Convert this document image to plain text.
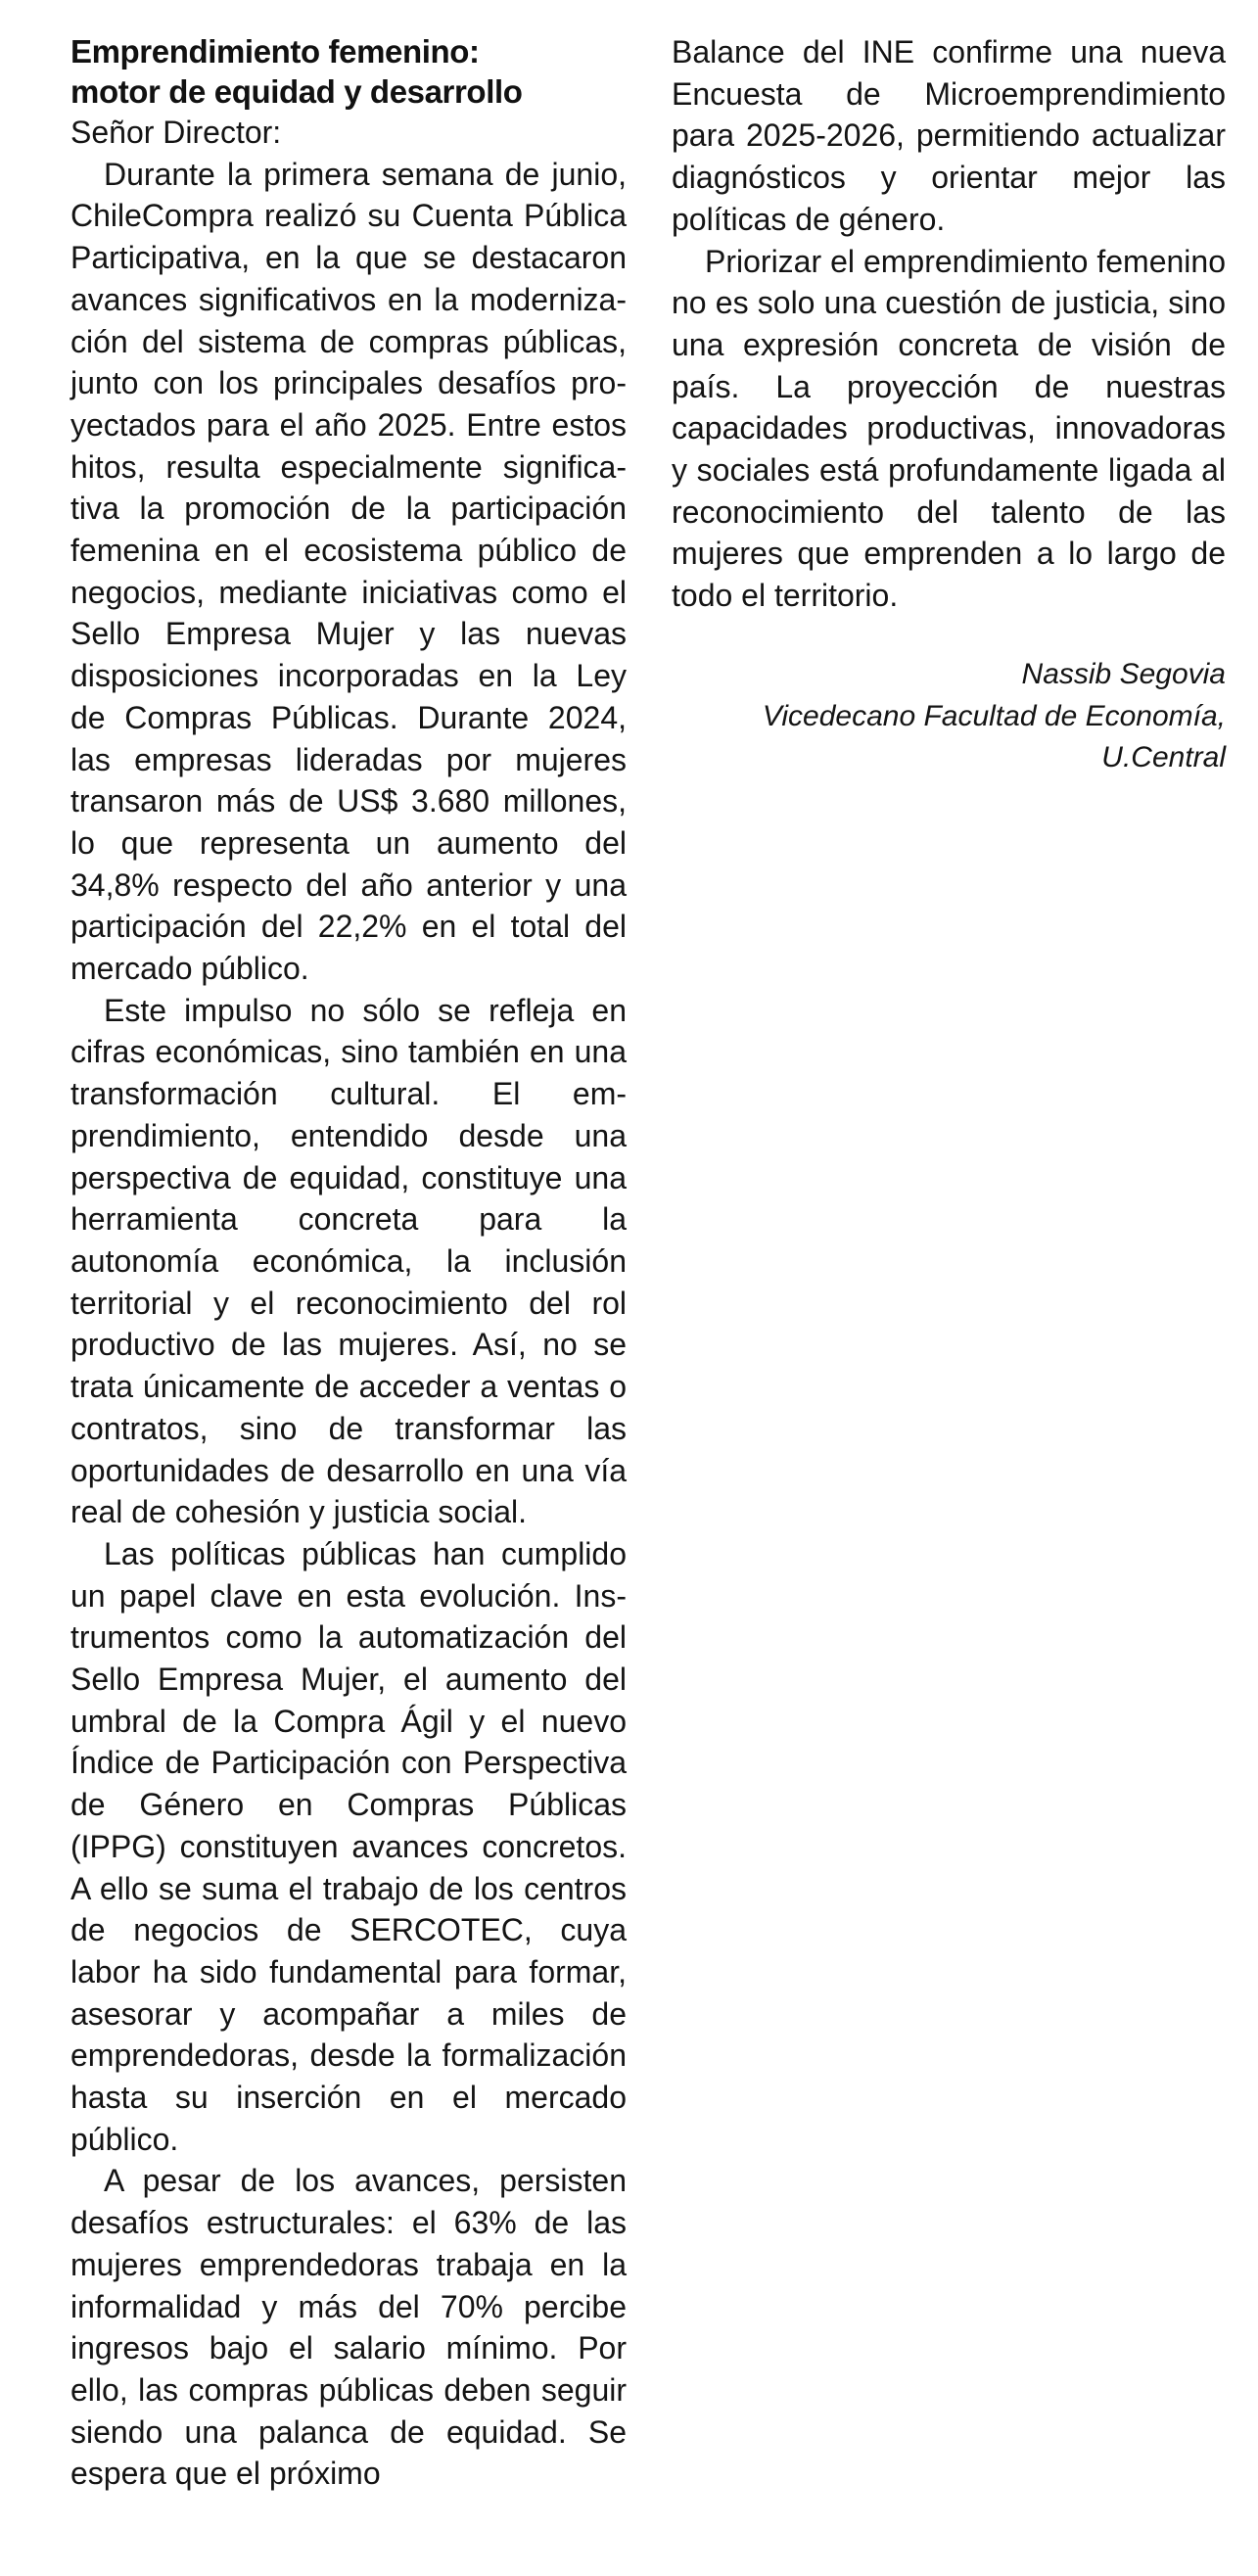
Emprendimiento femenino:
motor de equidad y desarrollo

Señor Director:

Durante la primera semana de junio, ChileCompra realizó su Cuenta Pública Participativa, en la que se destacaron avances significativos en la modernización del sistema de compras públicas, junto con los principales desafíos proyectados para el año 2025. Entre estos hitos, resulta especialmente significativa la promoción de la participación femenina en el ecosistema público de negocios, mediante iniciativas como el Sello Empresa Mujer y las nuevas disposiciones incorporadas en la Ley de Compras Públicas. Durante 2024, las empresas lideradas por mujeres transaron más de US$ 3.680 millones, lo que representa un aumento del 34,8% respecto del año anterior y una participación del 22,2% en el total del mercado público.

Este impulso no sólo se refleja en cifras económicas, sino también en una transformación cultural. El emprendimiento, entendido desde una perspectiva de equidad, constituye una herramienta concreta para la autonomía económica, la inclusión territorial y el reconocimiento del rol productivo de las mujeres. Así, no se trata únicamente de acceder a ventas o contratos, sino de transformar las oportunidades de desarrollo en una vía real de cohesión y justicia social.

Las políticas públicas han cumplido un papel clave en esta evolución. Instrumentos como la automatización del Sello Empresa Mujer, el aumento del umbral de la Compra Ágil y el nuevo Índice de Participación con Perspectiva de Género en Compras Públicas (IPPG) constituyen avances concretos. A ello se suma el trabajo de los centros de negocios de SERCOTEC, cuya labor ha sido fundamental para formar, asesorar y acompañar a miles de emprendedoras, desde la formalización hasta su inserción en el mercado público.

A pesar de los avances, persisten desafíos estructurales: el 63% de las mujeres emprendedoras trabaja en la informalidad y más del 70% percibe ingresos bajo el salario mínimo. Por ello, las compras públicas deben seguir siendo una palanca de equidad. Se espera que el próximo

Balance del INE confirme una nueva Encuesta de Microemprendimiento para 2025-2026, permitiendo actualizar diagnósticos y orientar mejor las políticas de género.

Priorizar el emprendimiento femenino no es solo una cuestión de justicia, sino una expresión concreta de visión de país. La proyección de nuestras capacidades productivas, innovadoras y sociales está profundamente ligada al reconocimiento del talento de las mujeres que emprenden a lo largo de todo el territorio.

Nassib Segovia
Vicedecano Facultad de Economía,
U.Central
